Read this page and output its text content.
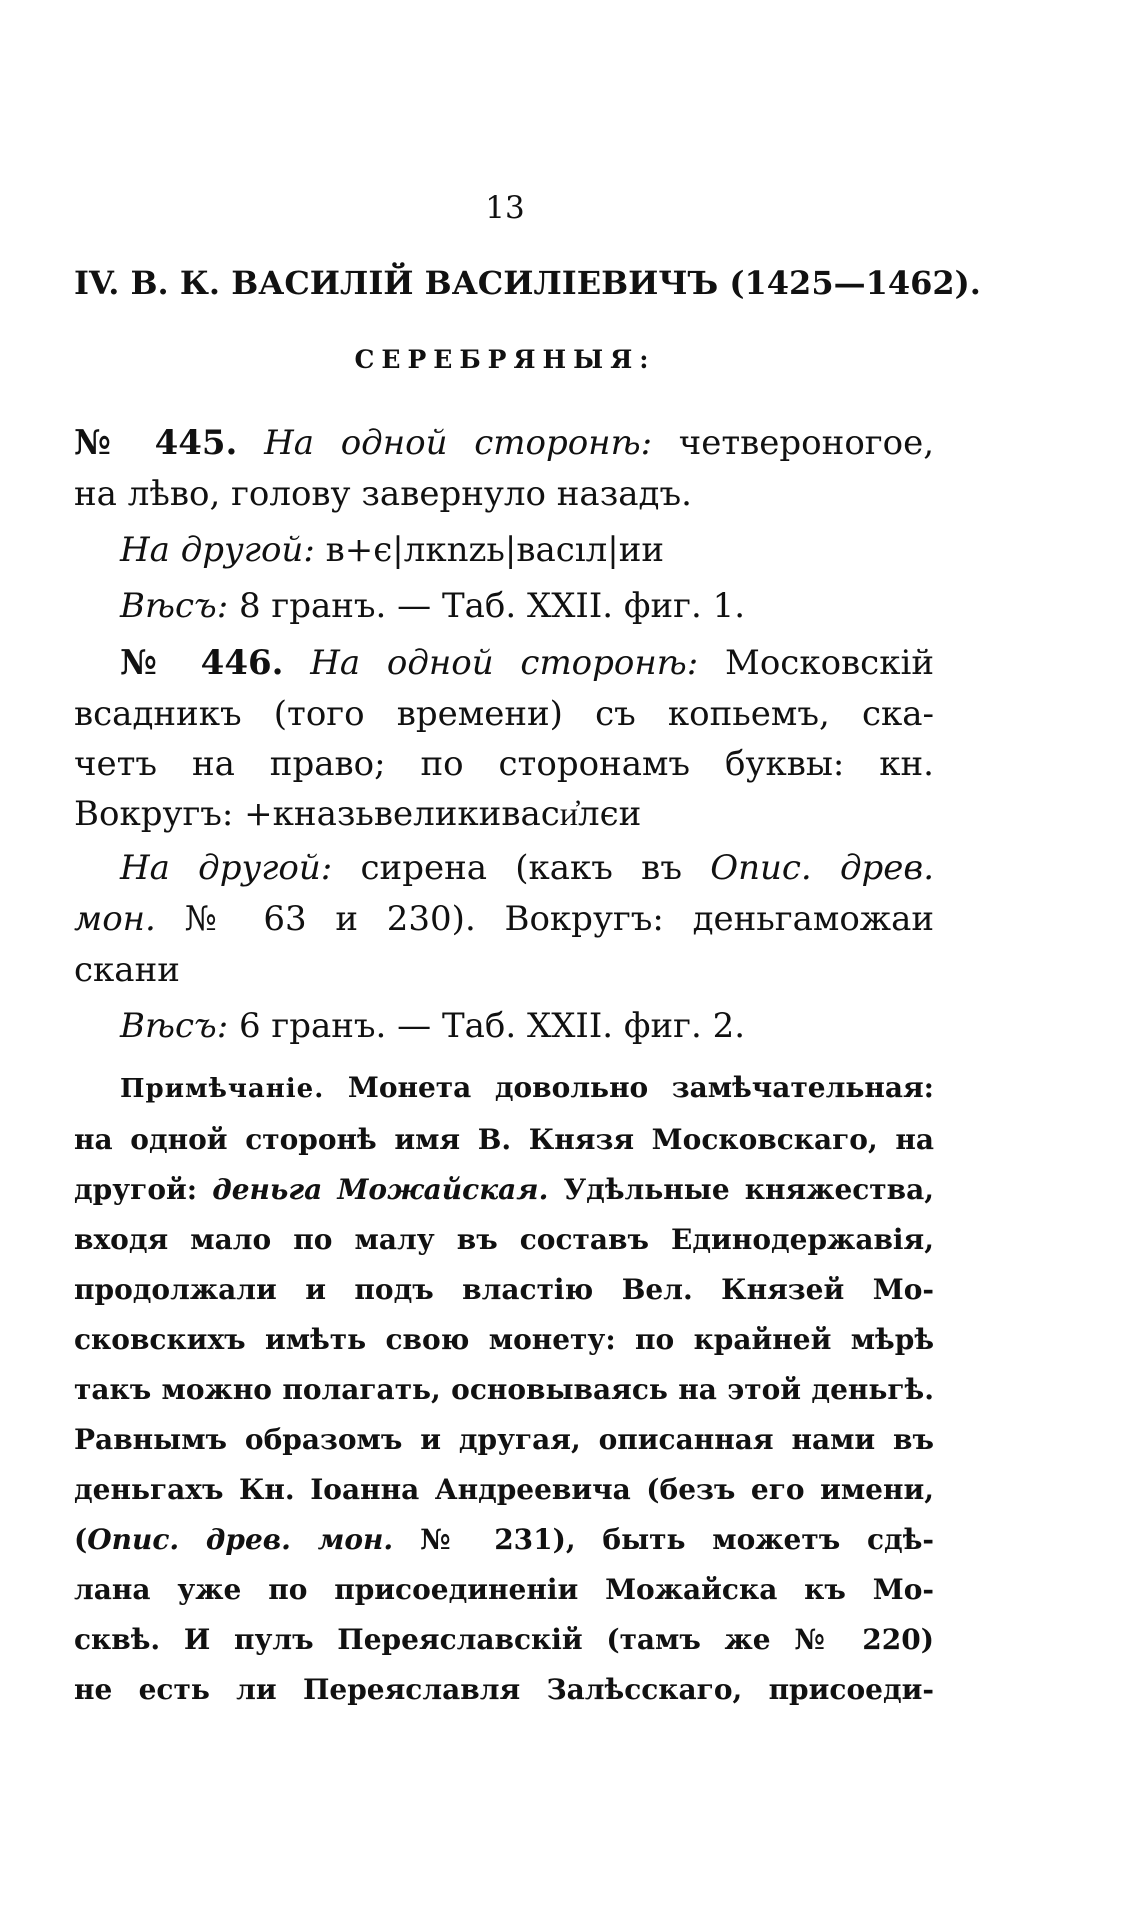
13
IV. В. К. ВАСИЛІЙ ВАСИЛІЕВИЧЪ (1425—1462).
СЕРЕБРЯНЫЯ:
№ 445. На одной сторонѣ: четвероногое,
на лѣво, голову завернуло назадъ.
На другой: в+є|лкnzь|васıл|ии
Вѣсъ: 8 гранъ. — Таб. XXII. фиг. 1.
№ 446. На одной сторонѣ: Московскій
всадникъ (того времени) съ копьемъ, ска-
четъ на право; по сторонамъ буквы: кн.
Вокругъ: +кназьвеликиваси҆лєи
На другой: сирена (какъ въ Опис. древ.
мон. № 63 и 230). Вокругъ: деньгаможаи
скани
Вѣсъ: 6 гранъ. — Таб. XXII. фиг. 2.
Примѣчаніе. Монета довольно замѣчательная:
на одной сторонѣ имя В. Князя Московскаго, на
другой: деньга Можайская. Удѣльные княжества,
входя мало по малу въ составъ Единодержавія,
продолжали и подъ властію Вел. Князей Мо-
сковскихъ имѣть свою монету: по крайней мѣрѣ
такъ можно полагать, основываясь на этой деньгѣ.
Равнымъ образомъ и другая, описанная нами въ
деньгахъ Кн. Іоанна Андреевича (безъ его имени,
(Опис. древ. мон. № 231), быть можетъ сдѣ-
лана уже по присоединеніи Можайска къ Мо-
сквѣ. И пулъ Переяславскій (тамъ же № 220)
не есть ли Переяславля Залѣсскаго, присоеди-
